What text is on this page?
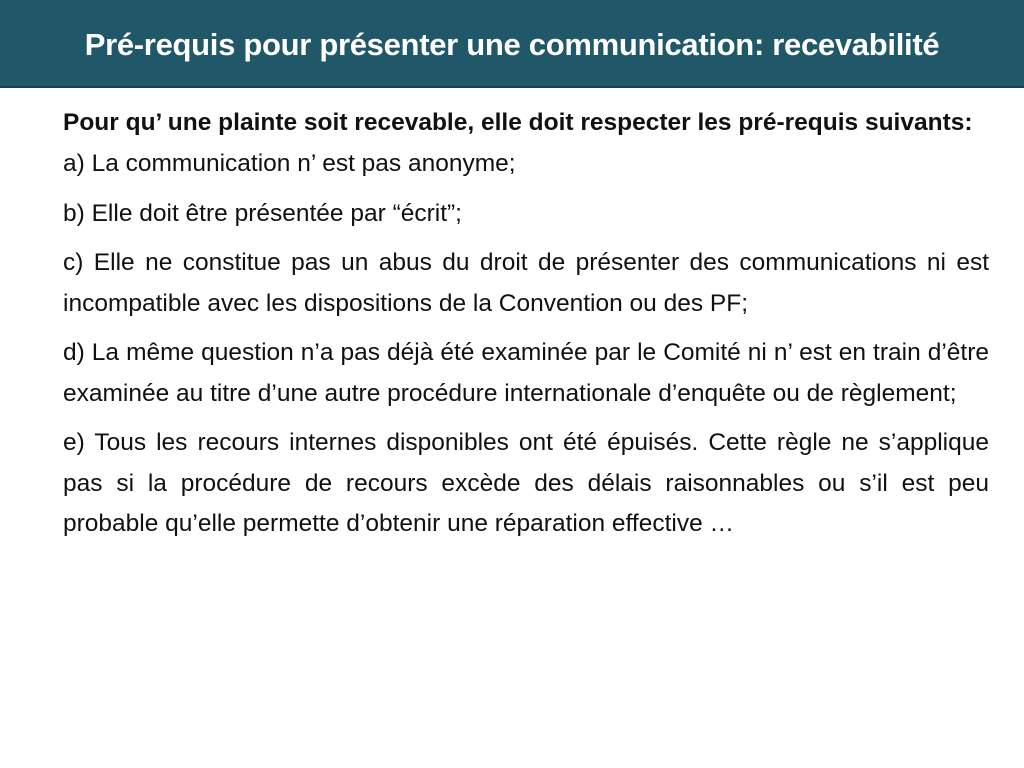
Pré-requis pour présenter une communication: recevabilité

Pour qu’ une plainte soit recevable, elle doit respecter les pré-requis suivants:

a) La communication n’ est pas anonyme;

b) Elle doit être présentée par “écrit”;

c) Elle ne constitue pas un abus du droit de présenter des communications ni est incompatible avec les dispositions de la Convention ou des PF;

d) La même question n’a pas déjà été examinée par le Comité ni n’ est en train d’être examinée au titre d’une autre procédure internationale d’enquête ou de règlement;

e) Tous les recours internes disponibles ont été épuisés. Cette règle ne s’applique pas si la procédure de recours excède des délais raisonnables ou s’il est peu probable qu’elle permette d’obtenir une réparation effective …
